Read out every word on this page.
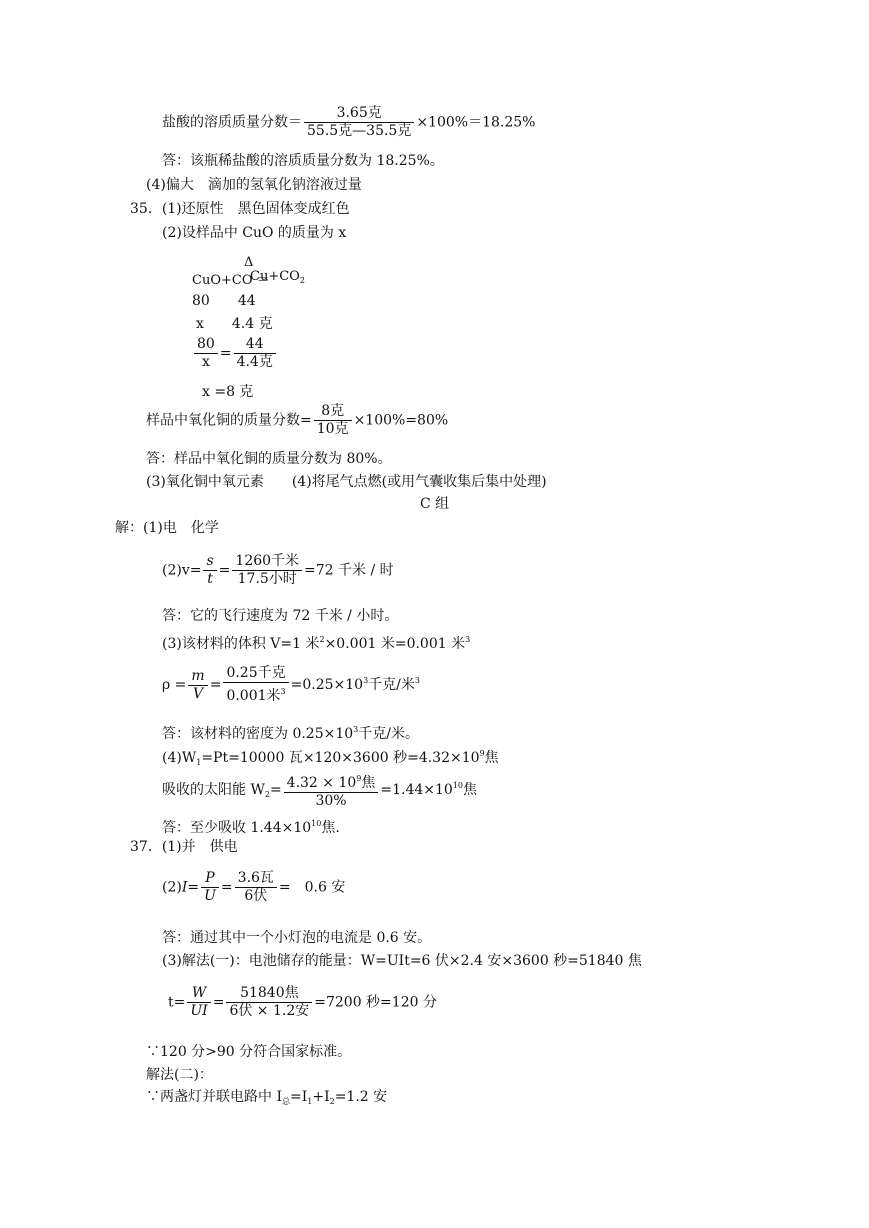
盐酸的溶质质量分数＝ $\frac{\text{3.65克}}{\text{55.5克—35.5克}} \times 100\%=18.25\%$
答：该瓶稀盐酸的溶质质量分数为 18.25%。
(4)偏大　滴加的氢氧化钠溶液过量
35．(1)还原性　黑色固体变成红色
(2)设样品中 CuO 的质量为 x
Δ
CuO+CO ＝
$Cu+CO_2$
80　　44
x　　4.4 克
$\frac{80}{x} = \frac{44}{\text{4.4克}}$
x =8 克
样品中氧化铜的质量分数= $\frac{\text{8克}}{\text{10克}} \times 100\%=80\%$
答：样品中氧化铜的质量分数为 80%。
(3)氧化铜中氧元素　　(4)将尾气点燃(或用气囊收集后集中处理)
C 组
解：(1)电　化学
$(2)v= \frac{s}{t} = \frac{\text{1260千米}}{\text{17.5小时}} =72$ 千米 / 时
答：它的飞行速度为 72 千米 / 小时。
(3)该材料的体积 V=1 米$^2$×0.001 米=0.001 米$^3$
$\rho = \frac{m}{V} = \frac{\text{0.25千克}}{0.001米^3} =0.25\times 10^3$千克/米$^3$
答：该材料的密度为 $0.25\times 10^3$千克/米。
$(4)W_1=Pt=10000$ 瓦×120×3600 秒$=4.32\times 10^9$焦
吸收的太阳能 $W_2= \frac{4.32 \times 10^9焦}{30\%} =1.44\times 10^{10}$焦
答：至少吸收 $1.44\times 10^{10}$焦.
37．(1)并　供电
$(2)I= \frac{P}{U} = \frac{\text{3.6瓦}}{\text{6伏}}$ =　0.6 安
答：通过其中一个小灯泡的电流是 0.6 安。
(3)解法(一)：电池储存的能量：W=UIt=6 伏×2.4 安×3600 秒=51840 焦
$t= \frac{W}{UI} = \frac{\text{51840焦}}{\text{6伏 × 1.2安}} =7200$ 秒=120 分
∵120 分>90 分符合国家标准。
解法(二)：
∵两盏灯并联电路中 $I_总=I_1+I_2=1.2$ 安
